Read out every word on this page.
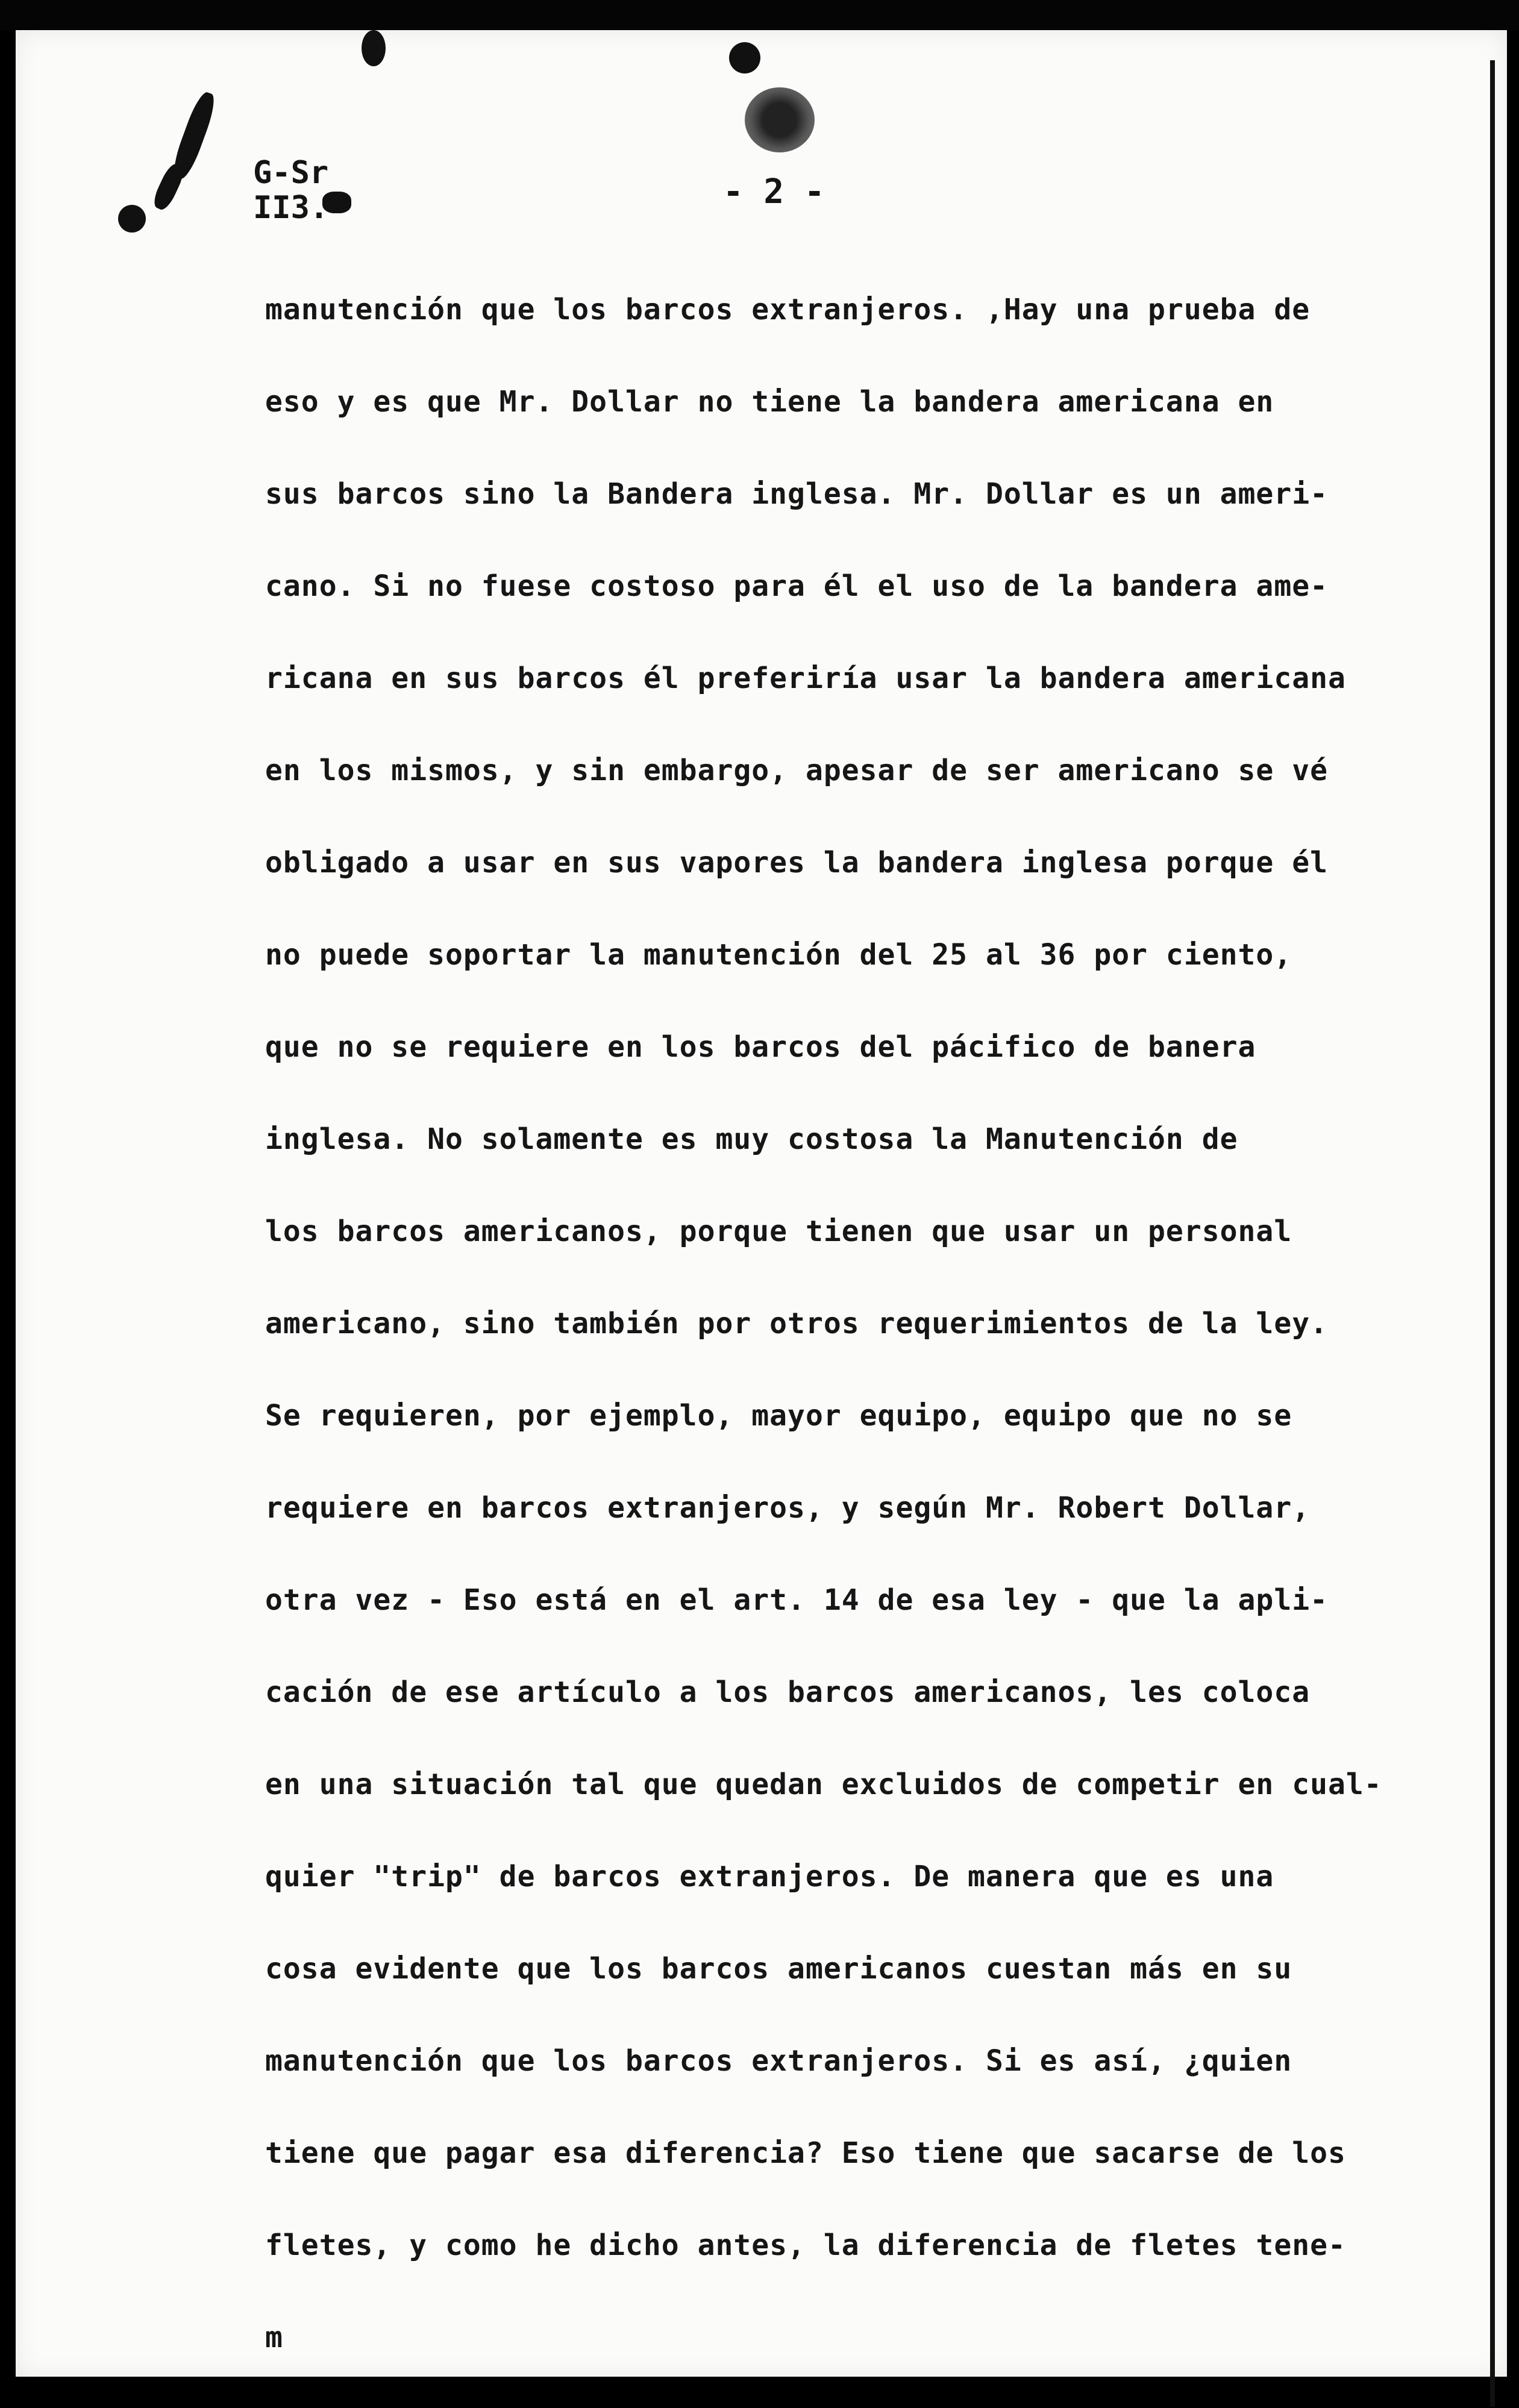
G-Sr
II3.	- 2 -
manutención que los barcos extranjeros. ,Hay una prueba de
eso y es que Mr. Dollar no tiene la bandera americana en
sus barcos sino la Bandera inglesa. Mr. Dollar es un ameri-
cano. Si no fuese costoso para él el uso de la bandera ame-
ricana en sus barcos él preferiría usar la bandera americana
en los mismos, y sin embargo, apesar de ser americano se vé
obligado a usar en sus vapores la bandera inglesa porque él
no puede soportar la manutención del 25 al 36 por ciento,
que no se requiere en los barcos del pácifico de banera
inglesa. No solamente es muy costosa la Manutención de
los barcos americanos, porque tienen que usar un personal
americano, sino también por otros requerimientos de la ley.
Se requieren, por ejemplo, mayor equipo, equipo que no se
requiere en barcos extranjeros, y según Mr. Robert Dollar,
otra vez - Eso está en el art. 14 de esa ley - que la apli-
cación de ese artículo a los barcos americanos, les coloca
en una situación tal que quedan excluidos de competir en cual-
quier "trip" de barcos extranjeros. De manera que es una
cosa evidente que los barcos americanos cuestan más en su
manutención que los barcos extranjeros. Si es así, ¿quien
tiene que pagar esa diferencia? Eso tiene que sacarse de los
fletes, y como he dicho antes, la diferencia de fletes tene-
m
